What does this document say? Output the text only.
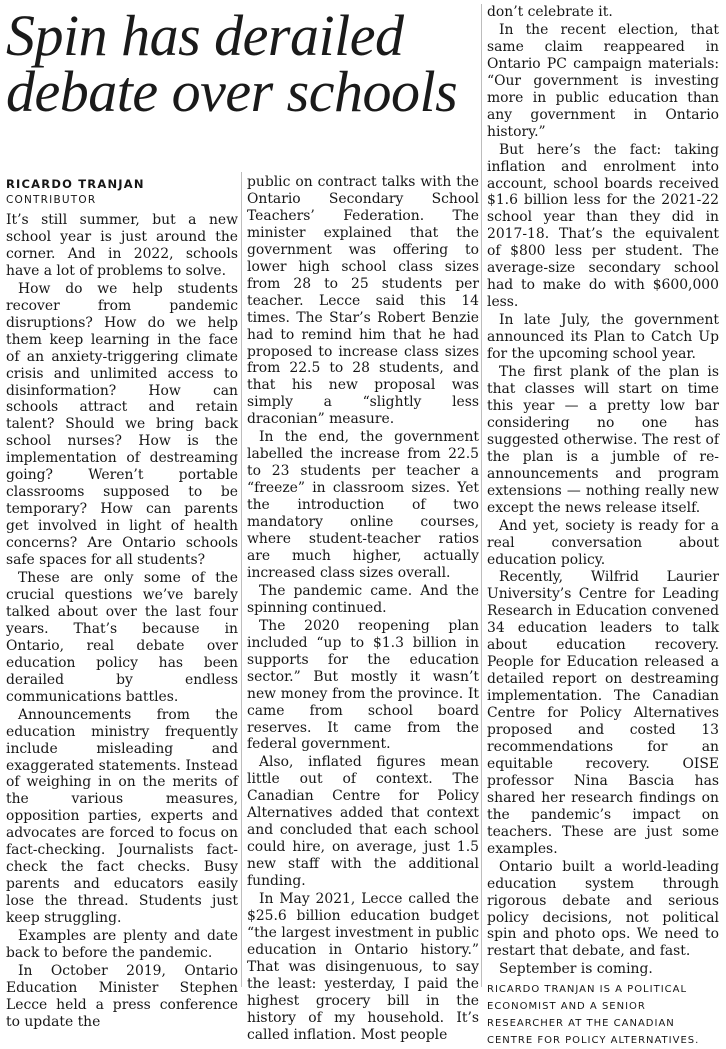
Spin has derailed
debate over schools
RICARDO TRANJAN
CONTRIBUTOR

It’s still summer, but a new school year is just around the corner. And in 2022, schools have a lot of problems to solve.

How do we help students recover from pandemic disruptions? How do we help them keep learning in the face of an anxiety-triggering climate crisis and unlimited access to disinformation? How can schools attract and retain talent? Should we bring back school nurses? How is the implementation of destreaming going? Weren’t portable classrooms supposed to be temporary? How can parents get involved in light of health concerns? Are Ontario schools safe spaces for all students?

These are only some of the crucial questions we’ve barely talked about over the last four years. That’s because in Ontario, real debate over education policy has been derailed by endless communications battles.

Announcements from the education ministry frequently include misleading and exaggerated statements. Instead of weighing in on the merits of the various measures, opposition parties, experts and advocates are forced to focus on fact-checking. Journalists fact-check the fact checks. Busy parents and educators easily lose the thread. Students just keep struggling.

Examples are plenty and date back to before the pandemic.

In October 2019, Ontario Education Minister Stephen Lecce held a press conference to update the

public on contract talks with the Ontario Secondary School Teachers’ Federation. The minister explained that the government was offering to lower high school class sizes from 28 to 25 students per teacher. Lecce said this 14 times. The Star’s Robert Benzie had to remind him that he had proposed to increase class sizes from 22.5 to 28 students, and that his new proposal was simply a “slightly less draconian” measure.

In the end, the government labelled the increase from 22.5 to 23 students per teacher a “freeze” in classroom sizes. Yet the introduction of two mandatory online courses, where student-teacher ratios are much higher, actually increased class sizes overall.

The pandemic came. And the spinning continued.

The 2020 reopening plan included “up to $1.3 billion in supports for the education sector.” But mostly it wasn’t new money from the province. It came from school board reserves. It came from the federal government.

Also, inflated figures mean little out of context. The Canadian Centre for Policy Alternatives added that context and concluded that each school could hire, on average, just 1.5 new staff with the additional funding.

In May 2021, Lecce called the $25.6 billion education budget “the largest investment in public education in Ontario history.” That was disingenuous, to say the least: yesterday, I paid the highest grocery bill in the history of my household. It’s called inflation. Most people

don’t celebrate it.

In the recent election, that same claim reappeared in Ontario PC campaign materials: “Our government is investing more in public education than any government in Ontario history.”

But here’s the fact: taking inflation and enrolment into account, school boards received $1.6 billion less for the 2021-22 school year than they did in 2017-18. That’s the equivalent of $800 less per student. The average-size secondary school had to make do with $600,000 less.

In late July, the government announced its Plan to Catch Up for the upcoming school year.

The first plank of the plan is that classes will start on time this year — a pretty low bar considering no one has suggested otherwise. The rest of the plan is a jumble of re-announcements and program extensions — nothing really new except the news release itself.

And yet, society is ready for a real conversation about education policy.

Recently, Wilfrid Laurier University’s Centre for Leading Research in Education convened 34 education leaders to talk about education recovery. People for Education released a detailed report on destreaming implementation. The Canadian Centre for Policy Alternatives proposed and costed 13 recommendations for an equitable recovery. OISE professor Nina Bascia has shared her research findings on the pandemic’s impact on teachers. These are just some examples.

Ontario built a world-leading education system through rigorous debate and serious policy decisions, not political spin and photo ops. We need to restart that debate, and fast.

September is coming.

RICARDO TRANJAN IS A POLITICAL ECONOMIST AND A SENIOR RESEARCHER AT THE CANADIAN CENTRE FOR POLICY ALTERNATIVES.
